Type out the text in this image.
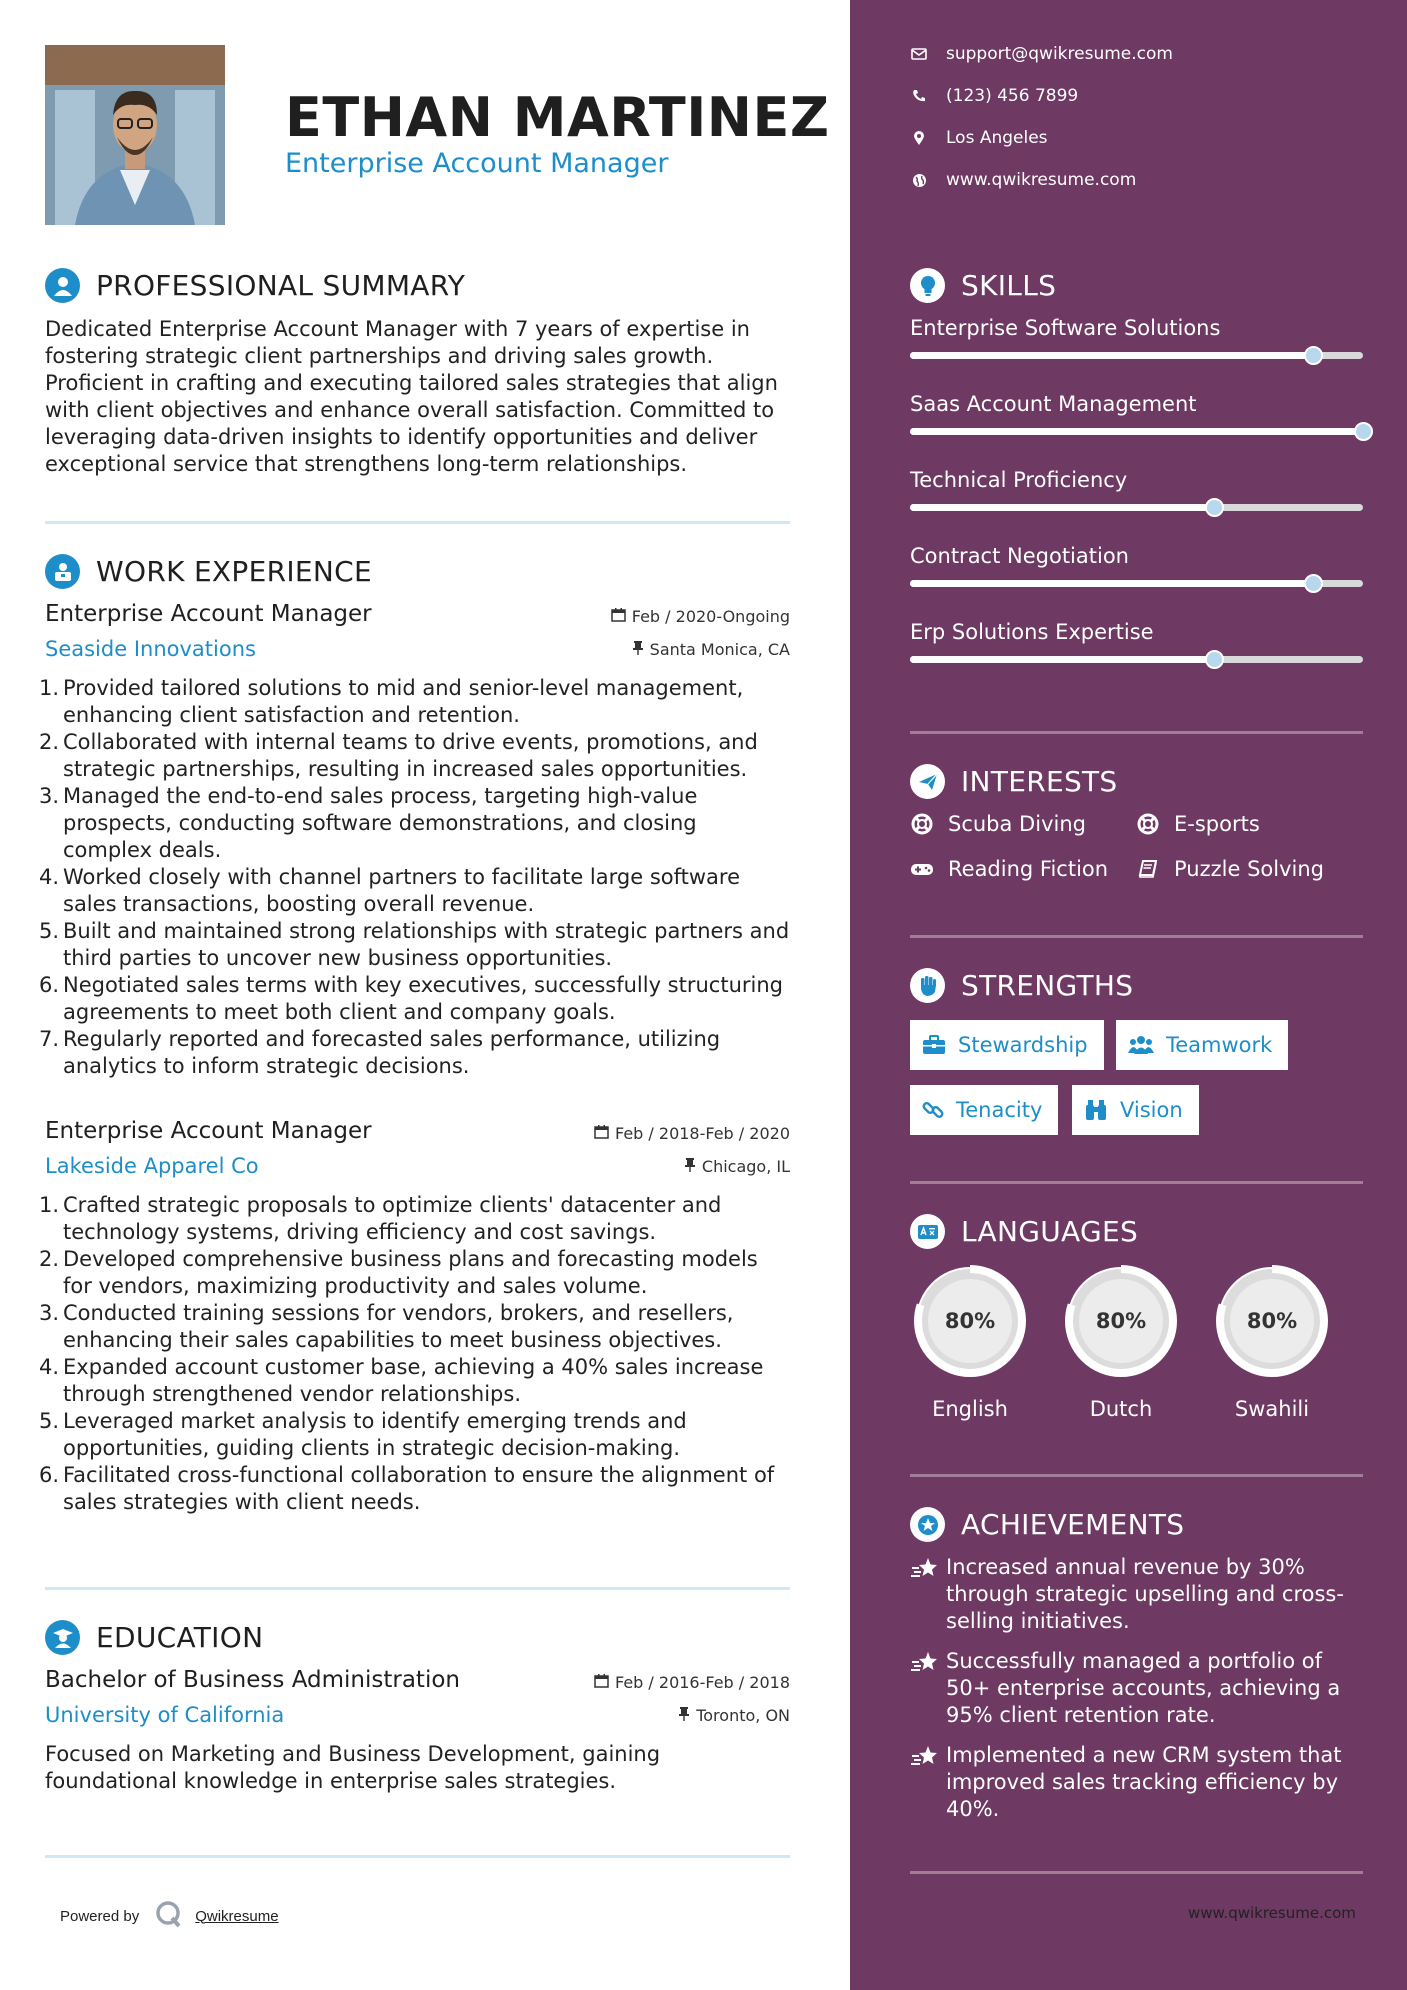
ETHAN MARTINEZ
Enterprise Account Manager
PROFESSIONAL SUMMARY
Dedicated Enterprise Account Manager with 7 years of expertise in fostering strategic client partnerships and driving sales growth. Proficient in crafting and executing tailored sales strategies that align with client objectives and enhance overall satisfaction. Committed to leveraging data-driven insights to identify opportunities and deliver exceptional service that strengthens long-term relationships.
WORK EXPERIENCE
Enterprise Account Manager
Seaside Innovations
Feb / 2020-Ongoing
Santa Monica, CA
1. Provided tailored solutions to mid and senior-level management, enhancing client satisfaction and retention.
2. Collaborated with internal teams to drive events, promotions, and strategic partnerships, resulting in increased sales opportunities.
3. Managed the end-to-end sales process, targeting high-value prospects, conducting software demonstrations, and closing complex deals.
4. Worked closely with channel partners to facilitate large software sales transactions, boosting overall revenue.
5. Built and maintained strong relationships with strategic partners and third parties to uncover new business opportunities.
6. Negotiated sales terms with key executives, successfully structuring agreements to meet both client and company goals.
7. Regularly reported and forecasted sales performance, utilizing analytics to inform strategic decisions.
Enterprise Account Manager
Lakeside Apparel Co
Feb / 2018-Feb / 2020
Chicago, IL
1. Crafted strategic proposals to optimize clients' datacenter and technology systems, driving efficiency and cost savings.
2. Developed comprehensive business plans and forecasting models for vendors, maximizing productivity and sales volume.
3. Conducted training sessions for vendors, brokers, and resellers, enhancing their sales capabilities to meet business objectives.
4. Expanded account customer base, achieving a 40% sales increase through strengthened vendor relationships.
5. Leveraged market analysis to identify emerging trends and opportunities, guiding clients in strategic decision-making.
6. Facilitated cross-functional collaboration to ensure the alignment of sales strategies with client needs.
EDUCATION
Bachelor of Business Administration
University of California
Feb / 2016-Feb / 2018
Toronto, ON
Focused on Marketing and Business Development, gaining foundational knowledge in enterprise sales strategies.
Powered by	Qwikresume
support@qwikresume.com
(123) 456 7899
Los Angeles
www.qwikresume.com
SKILLS
Enterprise Software Solutions
Saas Account Management
Technical Proficiency
Contract Negotiation
Erp Solutions Expertise
INTERESTS
Scuba Diving	E-sports
Reading Fiction	Puzzle Solving
STRENGTHS
Stewardship	Teamwork
Tenacity	Vision
LANGUAGES
80%
English
80%
Dutch
80%
Swahili
ACHIEVEMENTS
Increased annual revenue by 30% through strategic upselling and cross-selling initiatives.
Successfully managed a portfolio of 50+ enterprise accounts, achieving a 95% client retention rate.
Implemented a new CRM system that improved sales tracking efficiency by 40%.
www.qwikresume.com
